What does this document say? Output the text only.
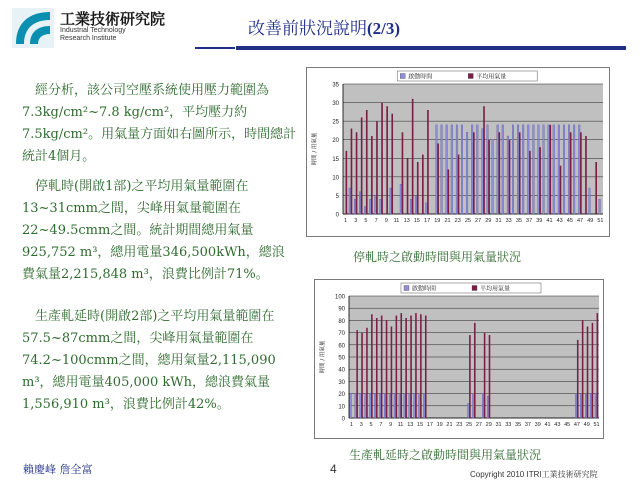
工業技術研究院
Industrial Technology
Research Institute	改善前狀況說明(2/3)

　經分析，該公司空壓系統使用壓力範圍為7.3kg/cm²~7.8 kg/cm²，平均壓力約7.5kg/cm²。用氣量方面如右圖所示，時間總計統計4個月。

　停軋時(開啟1部)之平均用氣量範圍在13~31cmm之間，尖峰用氣量範圍在22~49.5cmm之間。統計期間總用氣量925,752 m³，總用電量346,500kWh，總浪費氣量2,215,848 m³，浪費比例計71%。

　生產軋延時(開啟2部)之平均用氣量範圍在57.5~87cmm之間，尖峰用氣量範圍在74.2~100cmm之間，總用氣量2,115,090 m³，總用電量405,000 kWh，總浪費氣量1,556,910 m³，浪費比例計42%。

0
5
10
15
20
25
30
35
1 3 5 7 9 11 13 15 17 19 21 23 25 27 29 31 33 35 37 39 41 43 45 47 49 51
啟動時間	平均用氣量
時間 / 用氣量
停軋時之啟動時間與用氣量狀況
0
10
20
30
40
50
60
70
80
90
100
1 3 5 7 9 11 13 15 17 19 21 23 25 27 29 31 33 35 37 39 41 43 45 47 49 51
啟動時間	平均用氣量
時間 / 用氣量
生產軋延時之啟動時間與用氣量狀況
賴慶峰 詹全富	4	Copyright 2010 ITRI工業技術研究院
